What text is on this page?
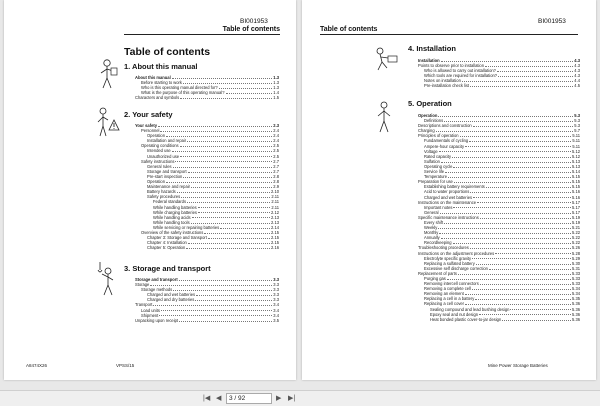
BI001953
Table of contents
Table of contents
1. About this manual
About this manual	1.3
Before starting to work	1.3
Who is this operating manual directed for?	1.3
What is the purpose of this operating manual?	1.4
Characters and symbols	1.5
2. Your safety
Your safety	2.3
Personnel	2.4
Operation	2.4
Installation and repair	2.4
Operating conditions	2.5
Intended use	2.5
Unauthorized use	2.5
Safety instructions	2.7
General rules	2.7
Storage and transport	2.7
Pre-start inspection	2.8
Operation	2.8
Maintenance and repair	2.9
Battery hazards	2.10
Safety procedures	2.11
Federal standards	2.11
While handling batteries	2.11
While charging batteries	2.12
While handling acids	2.13
While handling tools	2.13
While servicing or repairing batteries	2.14
Overview of the safety instructions	2.15
Chapter 3: Storage and transport	2.15
Chapter 4: Installation	2.15
Chapter 5: Operation	2.16
3. Storage and transport
Storage and transport	3.3
Storage	3.3
Storage methods	3.3
Charged and wet batteries	3.3
Charged and dry batteries	3.3
Transport	3.4
Load units	3.4
Shipment	3.4
Unpacking upon receipt	3.5
A8474X26	VPSS/15
BI001953
Table of contents
4. Installation
Installation	4.3
Points to observe prior to installation	4.3
Who is allowed to carry out installation?	4.3
Which tools are required for installation?	4.3
Notes on installation	4.4
Pre-installation check list	4.5
5. Operation
Operation	5.3
Definitions	5.3
Descriptions and construction	5.3
Charging	5.7
Principles of operation	5.11
Fundamentals of cycling	5.11
Ampere-hour capacity	5.11
Voltage	5.12
Rated capacity	5.12
Sulfation	5.13
Operating cycle	5.13
Service life	5.14
Temperature	5.15
Preparation for use	5.15
Establishing battery requirements	5.15
Acid to water proportions	5.16
Charged and wet batteries	5.16
Instructions on the maintenance	5.17
Important notes	5.17
General	5.17
Specific maintenance instructions	5.19
Every shift	5.19
Weekly	5.21
Monthly	5.22
Annually	5.22
Recordkeeping	5.22
Troubleshooting procedures	5.26
Instructions on the adjustment procedures	5.28
Electrolyte specific gravity	5.29
Replacing a sulfated battery	5.30
Excessive self discharge correction	5.31
Replacement of parts	5.33
Purging gas	5.33
Removing intercell connectors	5.33
Removing a complete cell	5.34
Removing an element	5.34
Replacing a cell in a battery	5.35
Replacing a cell cover	5.36
Sealing compound and lead bushing design	5.36
Epoxy seal and nut design	5.36
Heat bonded plastic cover-to-jar design	5.36
Mine Power Storage Batteries
|◀ ◀	3 / 92	▶ ▶|
